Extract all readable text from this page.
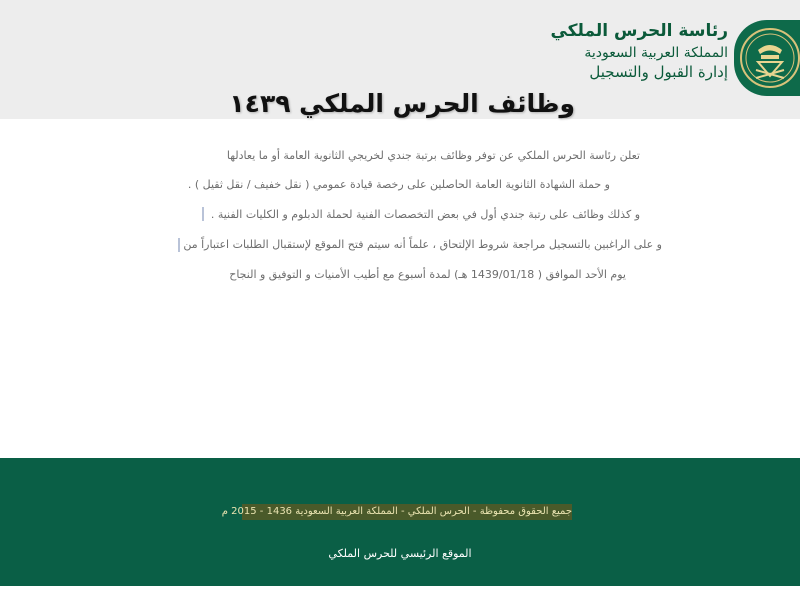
رئاسة الحرس الملكي
المملكة العربية السعودية
إدارة القبول والتسجيل
وظائف الحرس الملكي ١٤٣٩
تعلن رئاسة الحرس الملكي عن توفر وظائف برتبة جندي لخريجي الثانوية العامة أو ما يعادلها
و حملة الشهادة الثانوية العامة الحاصلين على رخصة قيادة عمومي ( نقل خفيف / نقل ثقيل ) .
و كذلك وظائف على رتبة جندي أول في بعض التخصصات الفنية لحملة الدبلوم و الكليات الفنية .
و على الراغبين بالتسجيل مراجعة شروط الإلتحاق ، علماً أنه سيتم فتح الموقع لإستقبال الطلبات اعتباراً من
يوم الأحد الموافق ( 1439/01/18 هـ) لمدة أسبوع مع أطيب الأمنيات و التوفيق و النجاح
جميع الحقوق محفوظة - الحرس الملكي - المملكة العربية السعودية 1436 - 2015 م
الموقع الرئيسي للحرس الملكي
